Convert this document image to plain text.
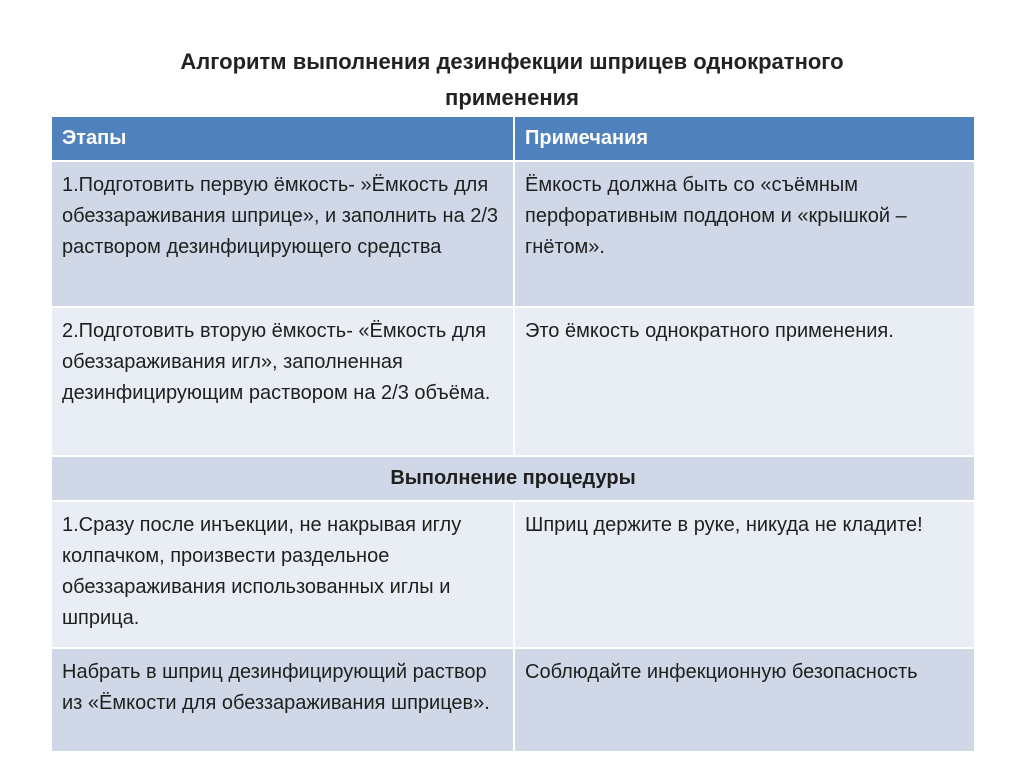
Алгоритм выполнения дезинфекции шприцев однократного
применения
Этапы	Примечания
1.Подготовить первую ёмкость- »Ёмкость для обеззараживания шприце», и заполнить на 2/3 раствором дезинфицирующего средства	Ёмкость должна быть со «съёмным перфоративным поддоном и «крышкой – гнётом».
2.Подготовить вторую ёмкость- «Ёмкость для обеззараживания игл», заполненная дезинфицирующим раствором на 2/3 объёма.	Это ёмкость однократного применения.
Выполнение процедуры	
1.Сразу после инъекции, не накрывая иглу колпачком, произвести раздельное обеззараживания использованных иглы и шприца.	Шприц держите в руке, никуда не кладите!
Набрать в шприц дезинфицирующий раствор из «Ёмкости для обеззараживания шприцев».	Соблюдайте инфекционную безопасность
